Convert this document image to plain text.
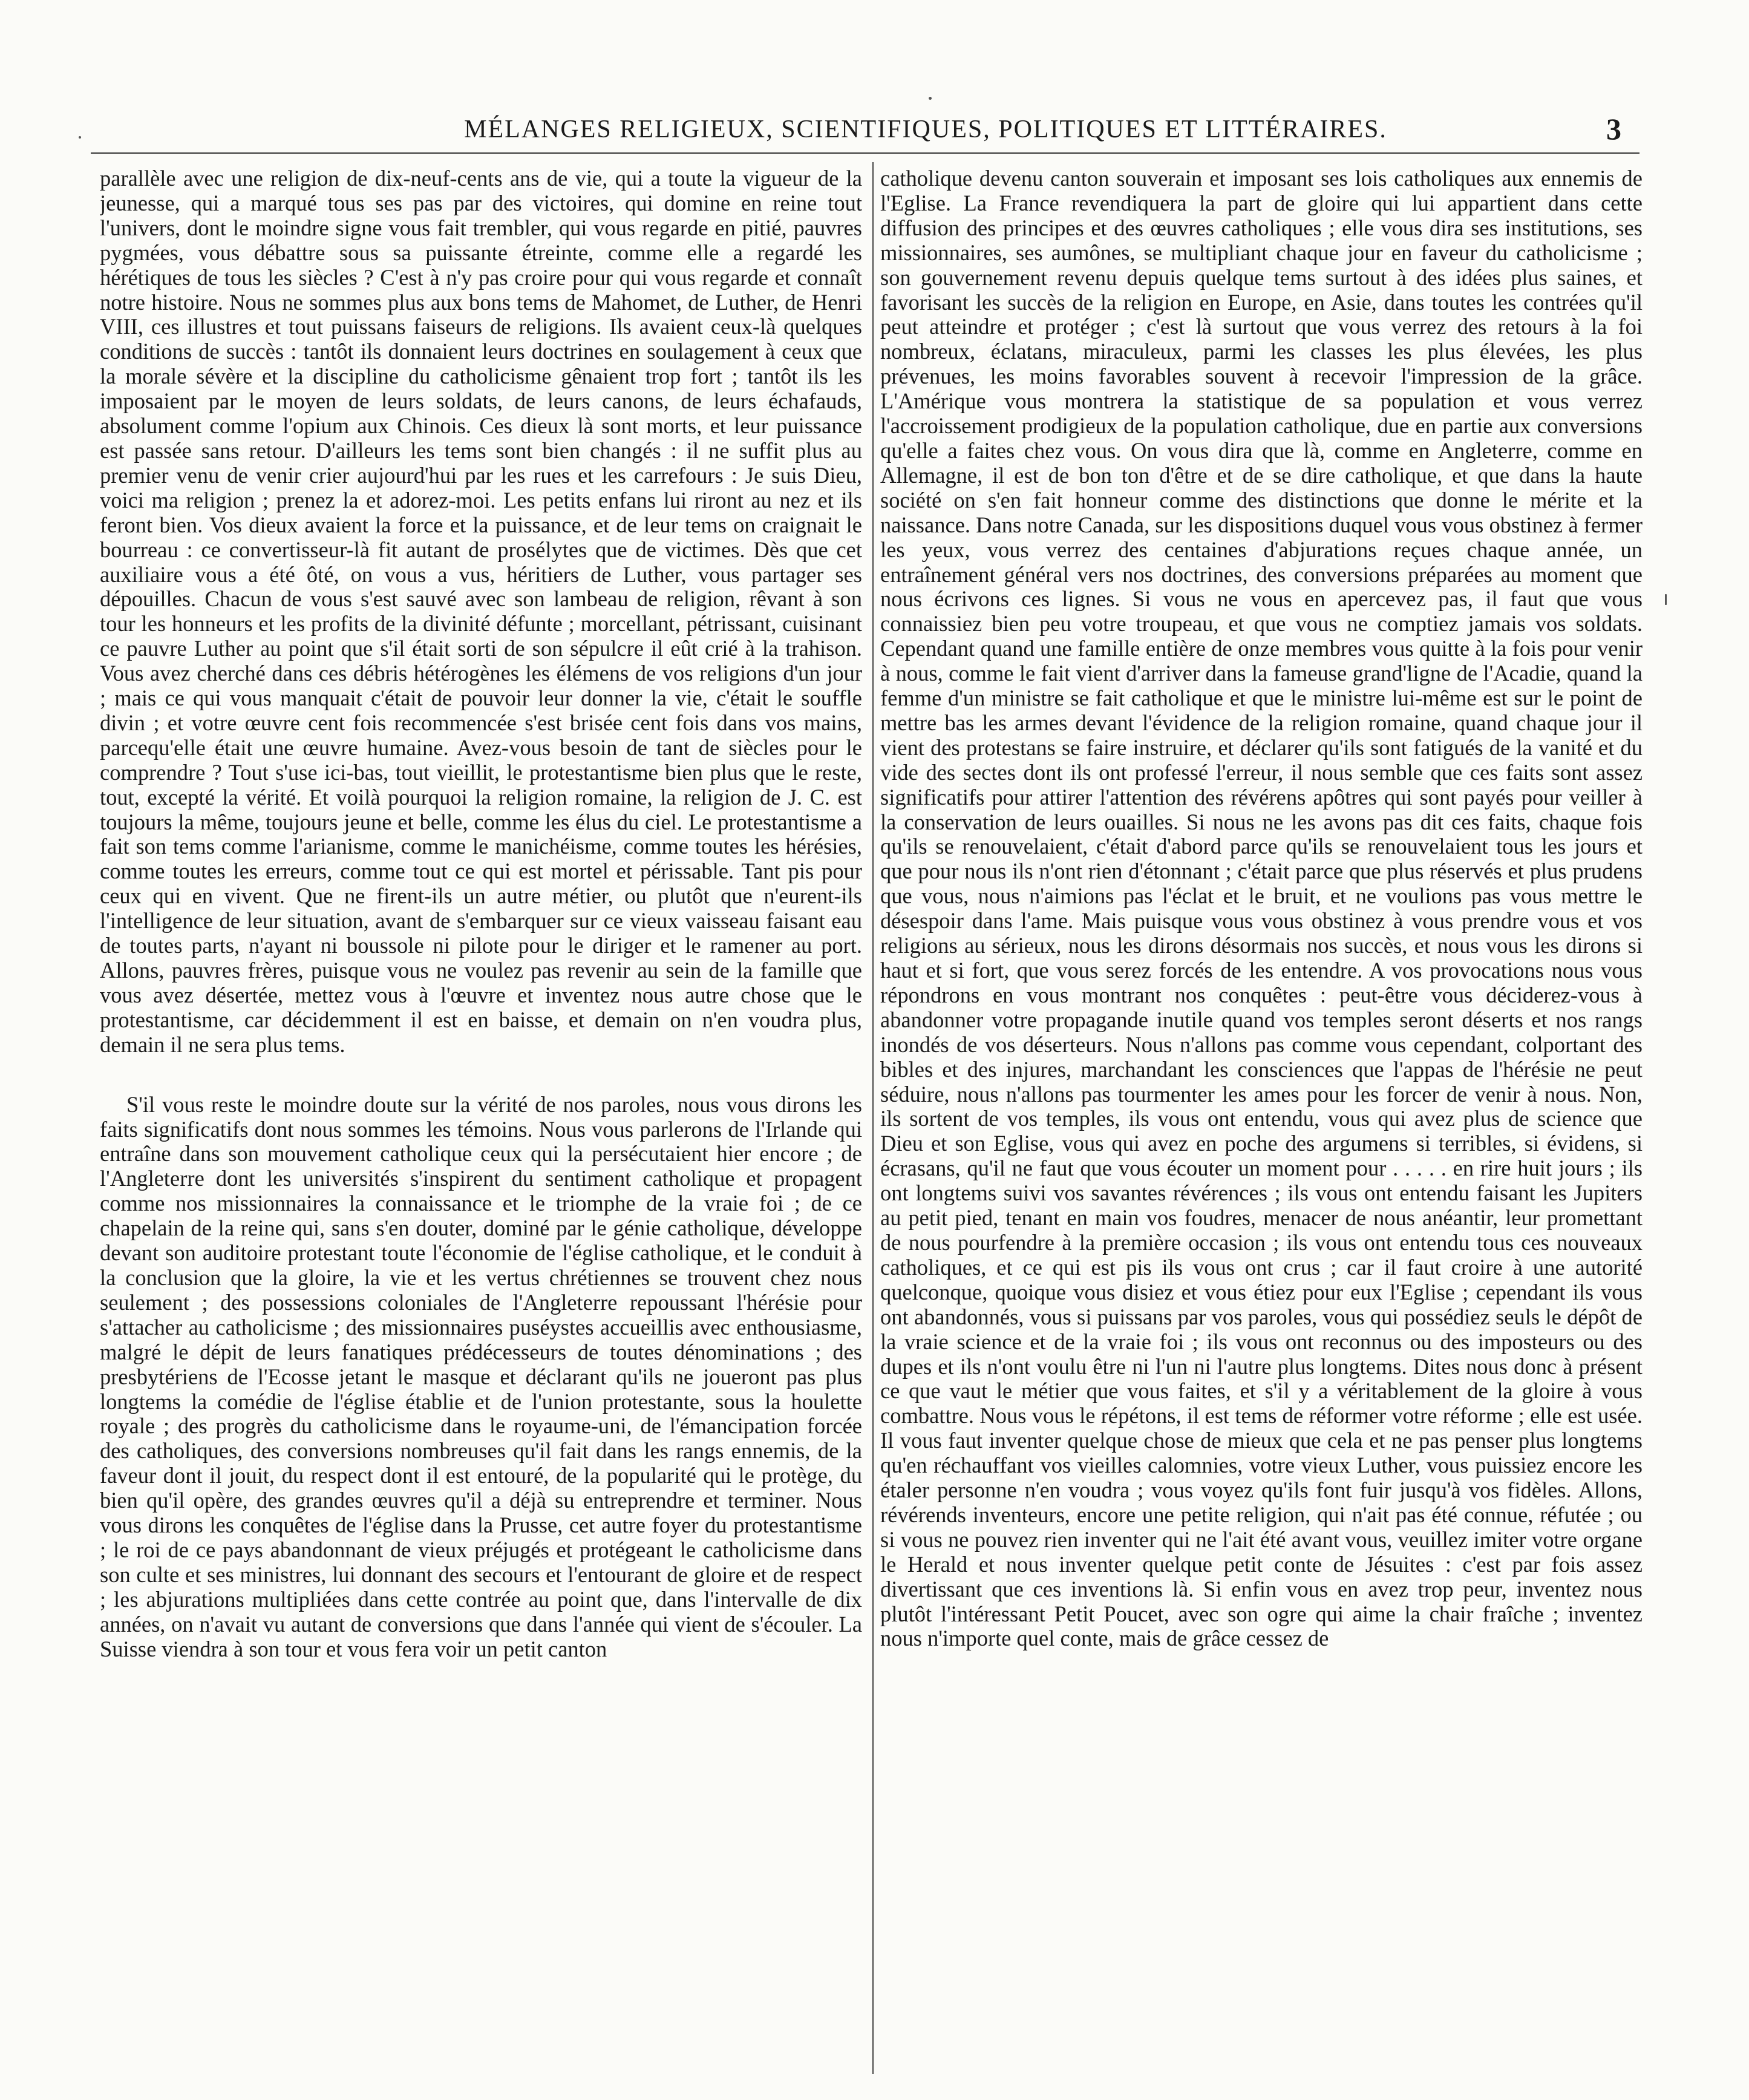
MÉLANGES RELIGIEUX, SCIENTIFIQUES, POLITIQUES ET LITTÉRAIRES.	3

parallèle avec une religion de dix-neuf-cents ans de vie, qui a toute la vigueur de la jeunesse, qui a marqué tous ses pas par des victoires, qui domine en reine tout l'univers, dont le moindre signe vous fait trembler, qui vous regarde en pitié, pauvres pygmées, vous débattre sous sa puissante étreinte, comme elle a regardé les hérétiques de tous les siècles ? C'est à n'y pas croire pour qui vous regarde et connaît notre histoire. Nous ne sommes plus aux bons tems de Mahomet, de Luther, de Henri VIII, ces illustres et tout puissans faiseurs de religions. Ils avaient ceux-là quelques conditions de succès : tantôt ils donnaient leurs doctrines en soulagement à ceux que la morale sévère et la discipline du catholicisme gênaient trop fort ; tantôt ils les imposaient par le moyen de leurs soldats, de leurs canons, de leurs échafauds, absolument comme l'opium aux Chinois. Ces dieux là sont morts, et leur puissance est passée sans retour. D'ailleurs les tems sont bien changés : il ne suffit plus au premier venu de venir crier aujourd'hui par les rues et les carrefours : Je suis Dieu, voici ma religion ; prenez la et adorez-moi. Les petits enfans lui riront au nez et ils feront bien. Vos dieux avaient la force et la puissance, et de leur tems on craignait le bourreau : ce convertisseur-là fit autant de prosélytes que de victimes. Dès que cet auxiliaire vous a été ôté, on vous a vus, héritiers de Luther, vous partager ses dépouilles. Chacun de vous s'est sauvé avec son lambeau de religion, rêvant à son tour les honneurs et les profits de la divinité défunte ; morcellant, pétrissant, cuisinant ce pauvre Luther au point que s'il était sorti de son sépulcre il eût crié à la trahison. Vous avez cherché dans ces débris hétérogènes les élémens de vos religions d'un jour ; mais ce qui vous manquait c'était de pouvoir leur donner la vie, c'était le souffle divin ; et votre œuvre cent fois recommencée s'est brisée cent fois dans vos mains, parcequ'elle était une œuvre humaine. Avez-vous besoin de tant de siècles pour le comprendre ? Tout s'use ici-bas, tout vieillit, le protestantisme bien plus que le reste, tout, excepté la vérité. Et voilà pourquoi la religion romaine, la religion de J. C. est toujours la même, toujours jeune et belle, comme les élus du ciel. Le protestantisme a fait son tems comme l'arianisme, comme le manichéisme, comme toutes les hérésies, comme toutes les erreurs, comme tout ce qui est mortel et périssable. Tant pis pour ceux qui en vivent. Que ne firent-ils un autre métier, ou plutôt que n'eurent-ils l'intelligence de leur situation, avant de s'embarquer sur ce vieux vaisseau faisant eau de toutes parts, n'ayant ni boussole ni pilote pour le diriger et le ramener au port. Allons, pauvres frères, puisque vous ne voulez pas revenir au sein de la famille que vous avez désertée, mettez vous à l'œuvre et inventez nous autre chose que le protestantisme, car décidemment il est en baisse, et demain on n'en voudra plus, demain il ne sera plus tems.

S'il vous reste le moindre doute sur la vérité de nos paroles, nous vous dirons les faits significatifs dont nous sommes les témoins. Nous vous parlerons de l'Irlande qui entraîne dans son mouvement catholique ceux qui la persécutaient hier encore ; de l'Angleterre dont les universités s'inspirent du sentiment catholique et propagent comme nos missionnaires la connaissance et le triomphe de la vraie foi ; de ce chapelain de la reine qui, sans s'en douter, dominé par le génie catholique, développe devant son auditoire protestant toute l'économie de l'église catholique, et le conduit à la conclusion que la gloire, la vie et les vertus chrétiennes se trouvent chez nous seulement ; des possessions coloniales de l'Angleterre repoussant l'hérésie pour s'attacher au catholicisme ; des missionnaires puséystes accueillis avec enthousiasme, malgré le dépit de leurs fanatiques prédécesseurs de toutes dénominations ; des presbytériens de l'Ecosse jetant le masque et déclarant qu'ils ne joueront pas plus longtems la comédie de l'église établie et de l'union protestante, sous la houlette royale ; des progrès du catholicisme dans le royaume-uni, de l'émancipation forcée des catholiques, des conversions nombreuses qu'il fait dans les rangs ennemis, de la faveur dont il jouit, du respect dont il est entouré, de la popularité qui le protège, du bien qu'il opère, des grandes œuvres qu'il a déjà su entreprendre et terminer. Nous vous dirons les conquêtes de l'église dans la Prusse, cet autre foyer du protestantisme ; le roi de ce pays abandonnant de vieux préjugés et protégeant le catholicisme dans son culte et ses ministres, lui donnant des secours et l'entourant de gloire et de respect ; les abjurations multipliées dans cette contrée au point que, dans l'intervalle de dix années, on n'avait vu autant de conversions que dans l'année qui vient de s'écouler. La Suisse viendra à son tour et vous fera voir un petit canton

catholique devenu canton souverain et imposant ses lois catholiques aux ennemis de l'Eglise. La France revendiquera la part de gloire qui lui appartient dans cette diffusion des principes et des œuvres catholiques ; elle vous dira ses institutions, ses missionnaires, ses aumônes, se multipliant chaque jour en faveur du catholicisme ; son gouvernement revenu depuis quelque tems surtout à des idées plus saines, et favorisant les succès de la religion en Europe, en Asie, dans toutes les contrées qu'il peut atteindre et protéger ; c'est là surtout que vous verrez des retours à la foi nombreux, éclatans, miraculeux, parmi les classes les plus élevées, les plus prévenues, les moins favorables souvent à recevoir l'impression de la grâce. L'Amérique vous montrera la statistique de sa population et vous verrez l'accroissement prodigieux de la population catholique, due en partie aux conversions qu'elle a faites chez vous. On vous dira que là, comme en Angleterre, comme en Allemagne, il est de bon ton d'être et de se dire catholique, et que dans la haute société on s'en fait honneur comme des distinctions que donne le mérite et la naissance. Dans notre Canada, sur les dispositions duquel vous vous obstinez à fermer les yeux, vous verrez des centaines d'abjurations reçues chaque année, un entraînement général vers nos doctrines, des conversions préparées au moment que nous écrivons ces lignes. Si vous ne vous en apercevez pas, il faut que vous connaissiez bien peu votre troupeau, et que vous ne comptiez jamais vos soldats. Cependant quand une famille entière de onze membres vous quitte à la fois pour venir à nous, comme le fait vient d'arriver dans la fameuse grand'ligne de l'Acadie, quand la femme d'un ministre se fait catholique et que le ministre lui-même est sur le point de mettre bas les armes devant l'évidence de la religion romaine, quand chaque jour il vient des protestans se faire instruire, et déclarer qu'ils sont fatigués de la vanité et du vide des sectes dont ils ont professé l'erreur, il nous semble que ces faits sont assez significatifs pour attirer l'attention des révérens apôtres qui sont payés pour veiller à la conservation de leurs ouailles. Si nous ne les avons pas dit ces faits, chaque fois qu'ils se renouvelaient, c'était d'abord parce qu'ils se renouvelaient tous les jours et que pour nous ils n'ont rien d'étonnant ; c'était parce que plus réservés et plus prudens que vous, nous n'aimions pas l'éclat et le bruit, et ne voulions pas vous mettre le désespoir dans l'ame. Mais puisque vous vous obstinez à vous prendre vous et vos religions au sérieux, nous les dirons désormais nos succès, et nous vous les dirons si haut et si fort, que vous serez forcés de les entendre. A vos provocations nous vous répondrons en vous montrant nos conquêtes : peut-être vous déciderez-vous à abandonner votre propagande inutile quand vos temples seront déserts et nos rangs inondés de vos déserteurs. Nous n'allons pas comme vous cependant, colportant des bibles et des injures, marchandant les consciences que l'appas de l'hérésie ne peut séduire, nous n'allons pas tourmenter les ames pour les forcer de venir à nous. Non, ils sortent de vos temples, ils vous ont entendu, vous qui avez plus de science que Dieu et son Eglise, vous qui avez en poche des argumens si terribles, si évidens, si écrasans, qu'il ne faut que vous écouter un moment pour . . . . . en rire huit jours ; ils ont longtems suivi vos savantes révérences ; ils vous ont entendu faisant les Jupiters au petit pied, tenant en main vos foudres, menacer de nous anéantir, leur promettant de nous pourfendre à la première occasion ; ils vous ont entendu tous ces nouveaux catholiques, et ce qui est pis ils vous ont crus ; car il faut croire à une autorité quelconque, quoique vous disiez et vous étiez pour eux l'Eglise ; cependant ils vous ont abandonnés, vous si puissans par vos paroles, vous qui possédiez seuls le dépôt de la vraie science et de la vraie foi ; ils vous ont reconnus ou des imposteurs ou des dupes et ils n'ont voulu être ni l'un ni l'autre plus longtems. Dites nous donc à présent ce que vaut le métier que vous faites, et s'il y a véritablement de la gloire à vous combattre. Nous vous le répétons, il est tems de réformer votre réforme ; elle est usée. Il vous faut inventer quelque chose de mieux que cela et ne pas penser plus longtems qu'en réchauffant vos vieilles calomnies, votre vieux Luther, vous puissiez encore les étaler personne n'en voudra ; vous voyez qu'ils font fuir jusqu'à vos fidèles. Allons, révérends inventeurs, encore une petite religion, qui n'ait pas été connue, réfutée ; ou si vous ne pouvez rien inventer qui ne l'ait été avant vous, veuillez imiter votre organe le Herald et nous inventer quelque petit conte de Jésuites : c'est par fois assez divertissant que ces inventions là. Si enfin vous en avez trop peur, inventez nous plutôt l'intéressant Petit Poucet, avec son ogre qui aime la chair fraîche ; inventez nous n'importe quel conte, mais de grâce cessez de
